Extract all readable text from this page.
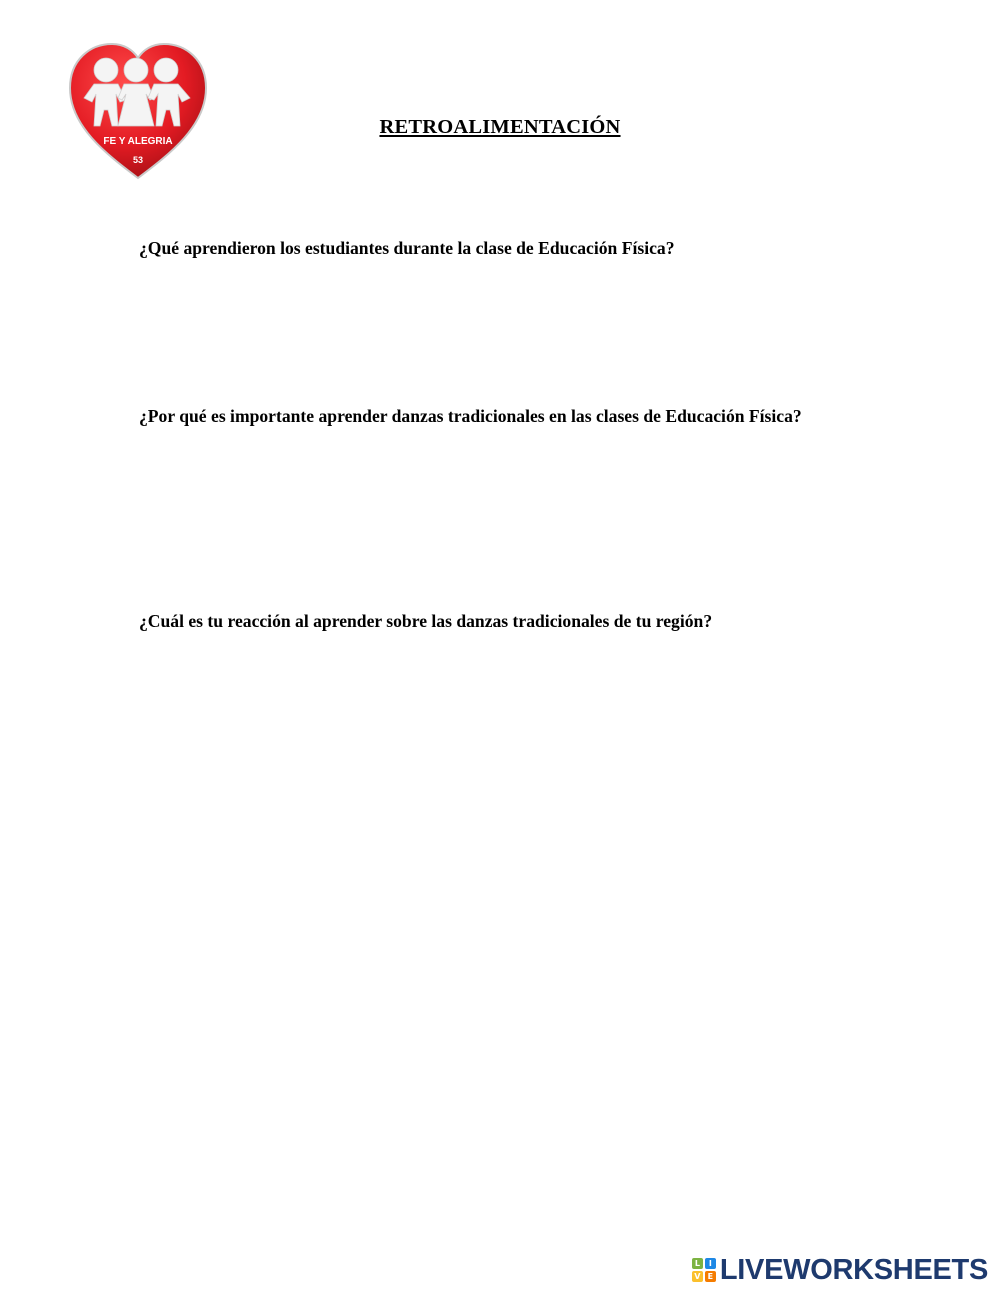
FE Y ALEGRIA
53
RETROALIMENTACIÓN
¿Qué aprendieron los estudiantes durante la clase de Educación Física?
¿Por qué es importante aprender danzas tradicionales en las clases de Educación Física?
¿Cuál es tu reacción al aprender sobre las danzas tradicionales de tu región?
L	I
V E LIVEWORKSHEETS
